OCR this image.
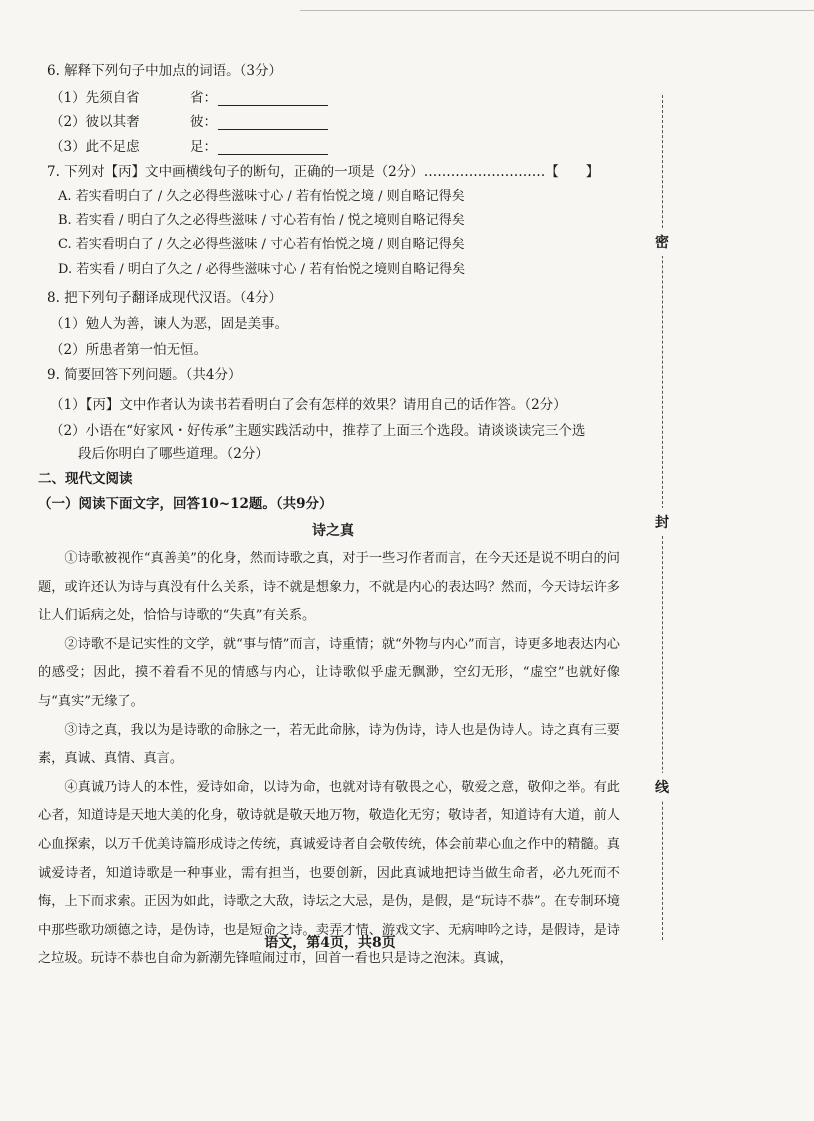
6. 解释下列句子中加点的词语。（3分）
（1）先须自省	省：
（2）彼以其奢	彼：
（3）此不足虑	足：
7. 下列对【丙】文中画横线句子的断句，正确的一项是（2分）………………………【　　】
A. 若实看明白了 / 久之必得些滋味寸心 / 若有怡悦之境 / 则自略记得矣
B. 若实看 / 明白了久之必得些滋味 / 寸心若有怡 / 悦之境则自略记得矣
C. 若实看明白了 / 久之必得些滋味 / 寸心若有怡悦之境 / 则自略记得矣
D. 若实看 / 明白了久之 / 必得些滋味寸心 / 若有怡悦之境则自略记得矣
8. 把下列句子翻译成现代汉语。（4分）
（1）勉人为善，谏人为恶，固是美事。
（2）所患者第一怕无恒。
9. 简要回答下列问题。（共4分）
（1）【丙】文中作者认为读书若看明白了会有怎样的效果？请用自己的话作答。（2分）
（2）小语在“好家风・好传承”主题实践活动中，推荐了上面三个选段。请谈谈读完三个选
段后你明白了哪些道理。（2分）
二、现代文阅读
（一）阅读下面文字，回答10~12题。（共9分）
诗之真

①诗歌被视作“真善美”的化身，然而诗歌之真，对于一些习作者而言，在今天还是说不明白的问题，或许还认为诗与真没有什么关系，诗不就是想象力，不就是内心的表达吗？然而，今天诗坛许多让人们诟病之处，恰恰与诗歌的“失真”有关系。

②诗歌不是记实性的文学，就“事与情”而言，诗重情；就“外物与内心”而言，诗更多地表达内心的感受；因此，摸不着看不见的情感与内心，让诗歌似乎虚无飘渺，空幻无形，“虚空”也就好像与“真实”无缘了。

③诗之真，我以为是诗歌的命脉之一，若无此命脉，诗为伪诗，诗人也是伪诗人。诗之真有三要素，真诚、真情、真言。

④真诚乃诗人的本性，爱诗如命，以诗为命，也就对诗有敬畏之心，敬爱之意，敬仰之举。有此心者，知道诗是天地大美的化身，敬诗就是敬天地万物，敬造化无穷；敬诗者，知道诗有大道，前人心血探索，以万千优美诗篇形成诗之传统，真诚爱诗者自会敬传统，体会前辈心血之作中的精髓。真诚爱诗者，知道诗歌是一种事业，需有担当，也要创新，因此真诚地把诗当做生命者，必九死而不悔，上下而求索。正因为如此，诗歌之大敌，诗坛之大忌，是伪，是假，是“玩诗不恭”。在专制环境中那些歌功颂德之诗，是伪诗，也是短命之诗。卖弄才情、游戏文字、无病呻吟之诗，是假诗，是诗之垃圾。玩诗不恭也自命为新潮先锋喧闹过市，回首一看也只是诗之泡沫。真诚，

密
封
线
语文，第4页，共8页
